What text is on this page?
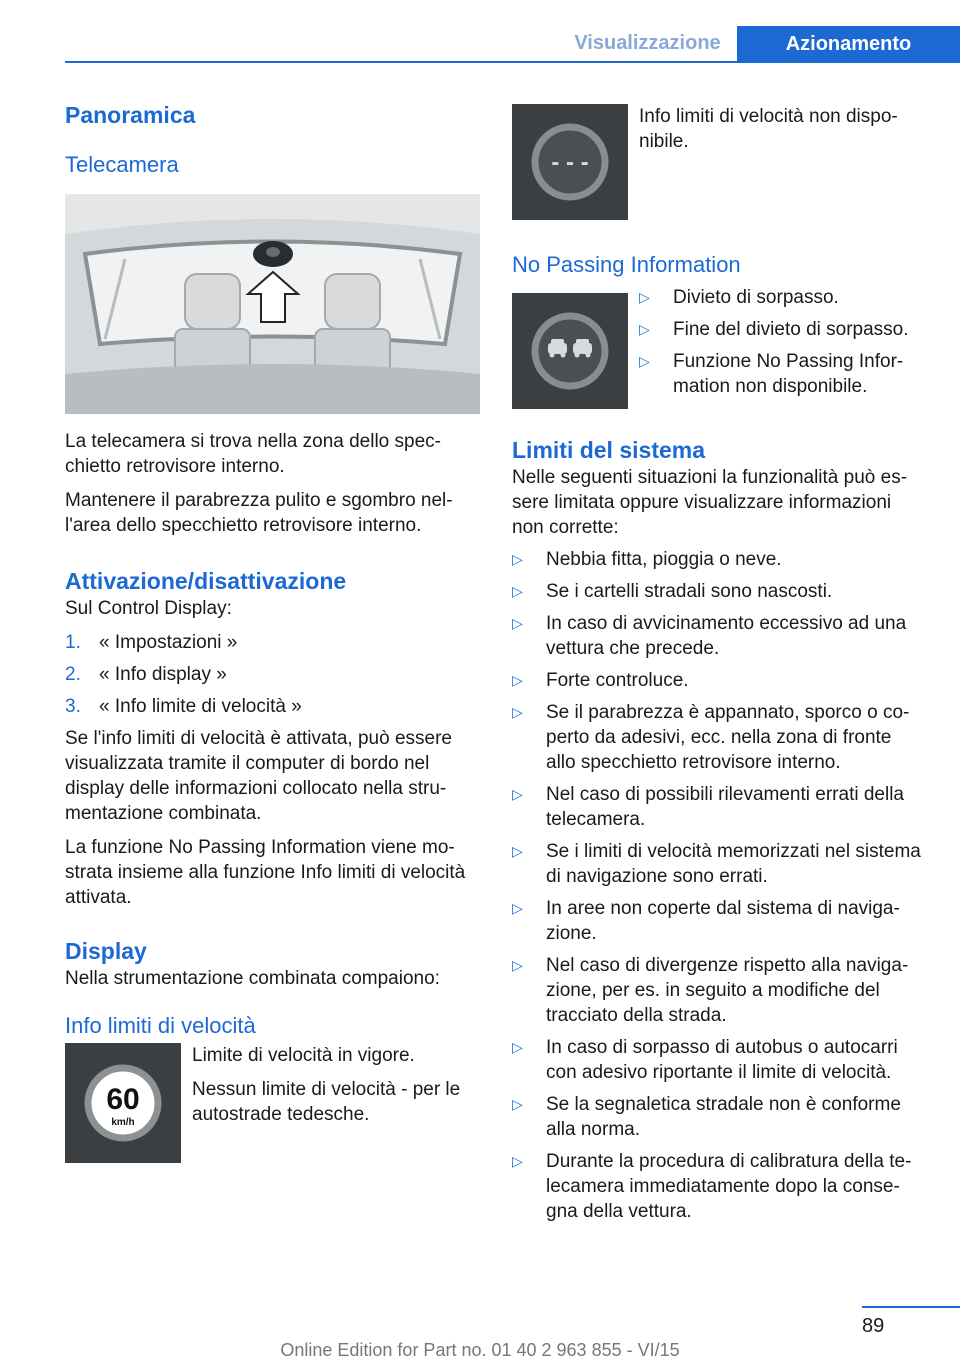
Visualizzazione	Azionamento
Panoramica
Telecamera

La telecamera si trova nella zona dello specchietto retrovisore interno.

Mantenere il parabrezza pulito e sgombro nell'area dello specchietto retrovisore interno.

Attivazione/disattivazione

Sul Control Display:

1. « Impostazioni »
2. « Info display »
3. « Info limite di velocità »

Se l'info limiti di velocità è attivata, può essere visualizzata tramite il computer di bordo nel display delle informazioni collocato nella strumentazione combinata.

La funzione No Passing Information viene mostrata insieme alla funzione Info limiti di velocità attivata.

Display

Nella strumentazione combinata compaiono:

Info limiti di velocità
60
km/h

Limite di velocità in vigore.

Nessun limite di velocità - per le autostrade tedesche.

- - -

Info limiti di velocità non disponibile.

No Passing Information
▷	Divieto di sorpasso.
▷	Fine del divieto di sorpasso.
▷	Funzione No Passing Information non disponibile.
Limiti del sistema

Nelle seguenti situazioni la funzionalità può essere limitata oppure visualizzare informazioni non corrette:

▷	Nebbia fitta, pioggia o neve.
▷	Se i cartelli stradali sono nascosti.
▷	In caso di avvicinamento eccessivo ad una vettura che precede.
▷	Forte controluce.
▷	Se il parabrezza è appannato, sporco o coperto da adesivi, ecc. nella zona di fronte allo specchietto retrovisore interno.
▷	Nel caso di possibili rilevamenti errati della telecamera.
▷	Se i limiti di velocità memorizzati nel sistema di navigazione sono errati.
▷	In aree non coperte dal sistema di navigazione.
▷	Nel caso di divergenze rispetto alla navigazione, per es. in seguito a modifiche del tracciato della strada.
▷	In caso di sorpasso di autobus o autocarri con adesivo riportante il limite di velocità.
▷	Se la segnaletica stradale non è conforme alla norma.
▷	Durante la procedura di calibratura della telecamera immediatamente dopo la consegna della vettura.
89
Online Edition for Part no. 01 40 2 963 855 - VI/15
